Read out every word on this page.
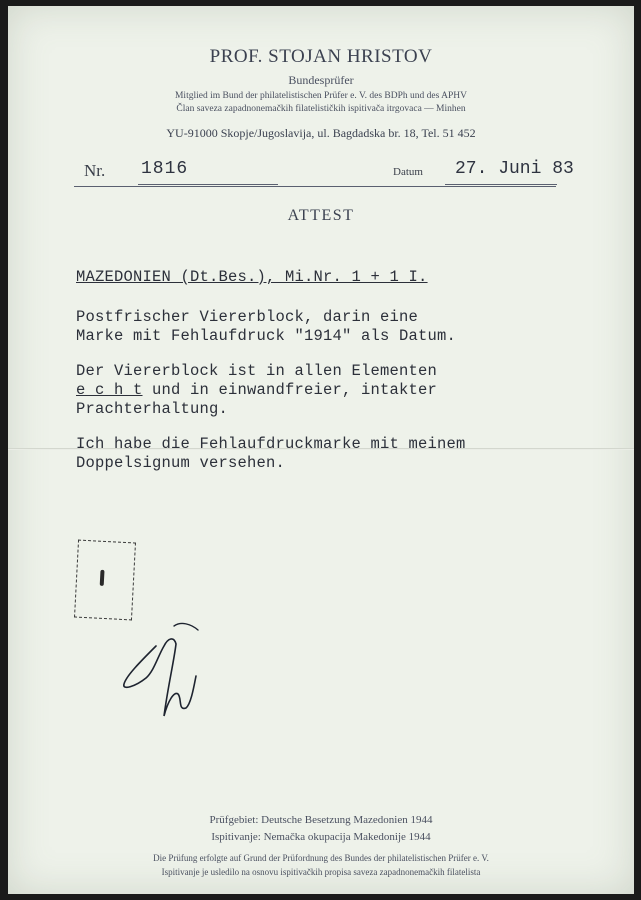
PROF. STOJAN HRISTOV
Bundesprüfer
Mitglied im Bund der philatelistischen Prüfer e. V. des BDPh und des APHV
Član saveza zapadnonemačkih filatelističkih ispitivača itrgovaca — Minhen
YU-91000 Skopje/Jugoslavija, ul. Bagdadska br. 18, Tel. 51 452
Nr. 1816	Datum 27. Juni 83
ATTEST
MAZEDONIEN (Dt.Bes.), Mi.Nr. 1 + 1 I.
Postfrischer Viererblock, darin eine
Marke mit Fehlaufdruck "1914" als Datum.
Der Viererblock ist in allen Elementen
e c h t und in einwandfreier, intakter
Prachterhaltung.
Ich habe die Fehlaufdruckmarke mit meinem
Doppelsignum versehen.
Prüfgebiet: Deutsche Besetzung Mazedonien 1944
Ispitivanje: Nemačka okupacija Makedonije 1944
Die Prüfung erfolgte auf Grund der Prüfordnung des Bundes der philatelistischen Prüfer e. V.
Ispitivanje je usledilo na osnovu ispitivačkih propisa saveza zapadnonemačkih filatelista
